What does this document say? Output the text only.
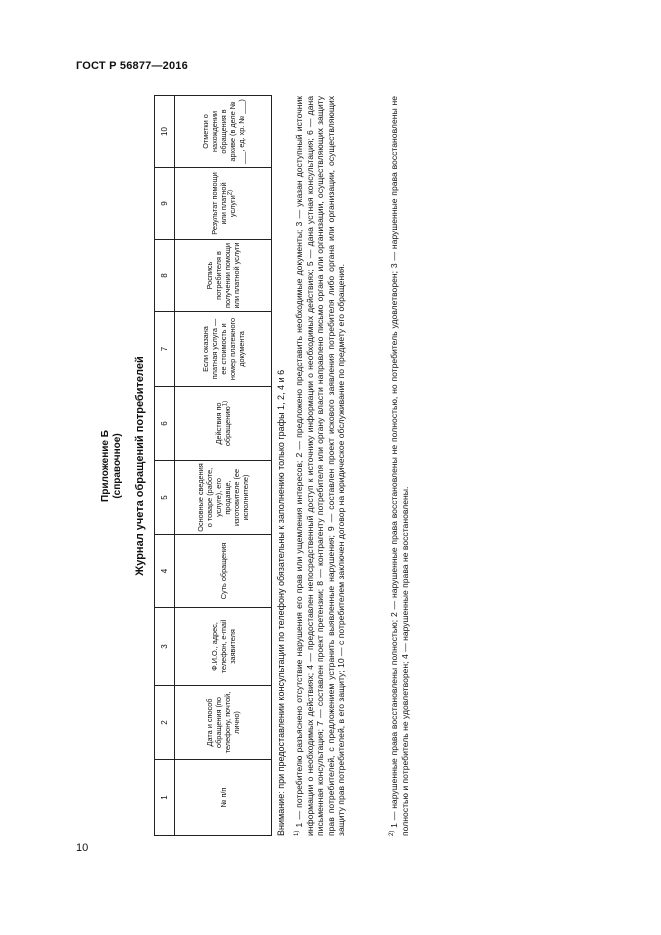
ГОСТ Р 56877—2016
Приложение Б (справочное) Журнал учета обращений потребителей
1	2	3	4	5	6	7	8	9	10
№ п/п	Дата и способ обращения (по телефону, почтой, лично)	Ф.И.О., адрес, телефон, e-mail заявителя	Суть обращения	Основные сведения о товаре (работе, услуге), его продавце, изготовителе (ее исполнителе)	Действия по обращению$^{1)}$	Если оказана платная услуга — ее стоимость и номер платежного документа	Роспись потребителя в получении помощи или платной услуги	Результат помощи или платной услуги$^{2)}$	Отметки о нахождении обращения в архиве (в деле № ___, ед. хр. № ___)
Внимание: при предоставлении консультации по телефону обязательны к заполнению только графы 1, 2, 4 и 6 $^{1)}$ 1 — потребителю разъяснено отсутствие нарушения его прав или ущемления интересов; 2 — предложено представить необходимые документы; 3 — указан доступный источник информации о необходимых действиях; 4 — предоставлен непосредственный доступ к источнику информации о необходимых действиях; 5 — дана устная консультация; 6 — дана письменная консультация; 7 — составлен проект претензии; 8 — контрагенту потребителя или органу власти направлено письмо органа или организации, осуществляющих защиту прав потребителей, с предложением устранить выявленные нарушения; 9 — составлен проект искового заявления потребителя либо органа или организации, осуществляющих защиту прав потребителей, в его защиту; 10 — с потребителем заключен договор на юридическое обслуживание по предмету его обращения.	$^{2)}$ 1 — нарушенные права восстановлены полностью; 2 — нарушенные права восстановлены не полностью, но потребитель удовлетворен; 3 — нарушенные права восстановлены не полностью и потребитель не удовлетворен; 4 — нарушенные права не восстановлены.
10
